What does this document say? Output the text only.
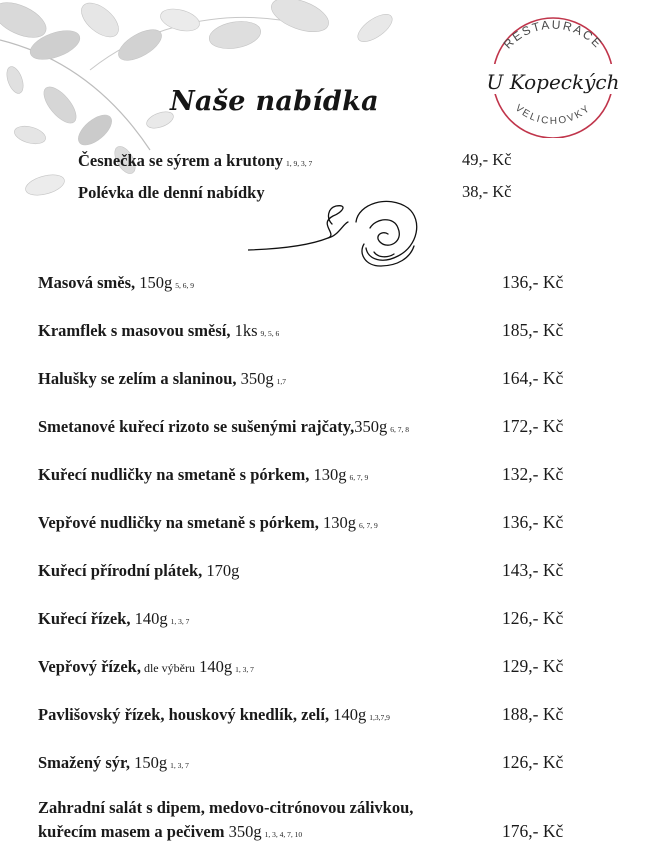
RESTAURACE
VELICHOVKY
U Kopeckých
Naše nabídka
Česnečka se sýrem a krutony 1, 9, 3, 7	49,- Kč
Polévka dle denní nabídky	38,- Kč
Masová směs, 150g 5, 6, 9	136,- Kč
Kramflek s masovou směsí, 1ks 9, 5, 6	185,- Kč
Halušky se zelím a slaninou, 350g 1,7	164,- Kč
Smetanové kuřecí rizoto se sušenými rajčaty,350g 6, 7, 8	172,- Kč
Kuřecí nudličky na smetaně s pórkem, 130g 6, 7, 9	132,- Kč
Vepřové nudličky na smetaně s pórkem, 130g 6, 7, 9	136,- Kč
Kuřecí přírodní plátek, 170g	143,- Kč
Kuřecí řízek, 140g 1, 3, 7	126,- Kč
Vepřový řízek, dle výběru 140g 1, 3, 7	129,- Kč
Pavlišovský řízek, houskový knedlík, zelí, 140g 1,3,7,9	188,- Kč
Smažený sýr, 150g 1, 3, 7	126,- Kč
Zahradní salát s dipem, medovo-citrónovou zálivkou,
kuřecím masem a pečivem 350g 1, 3, 4, 7, 10	176,- Kč
